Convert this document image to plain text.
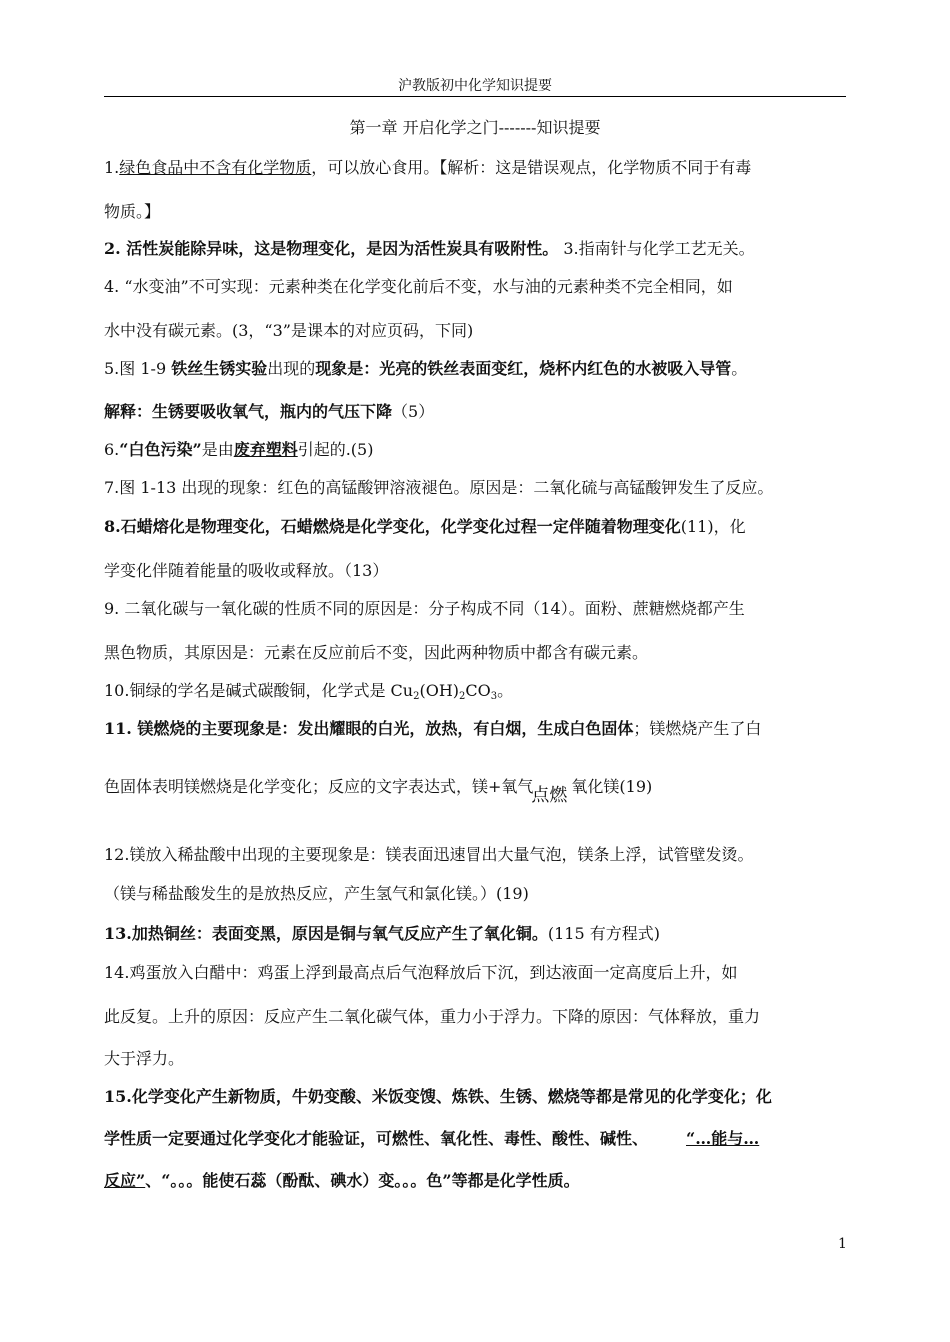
沪教版初中化学知识提要
第一章 开启化学之门-------知识提要
1.绿色食品中不含有化学物质，可以放心食用。【解析：这是错误观点，化学物质不同于有毒
物质。】
2. 活性炭能除异味，这是物理变化，是因为活性炭具有吸附性。 3.指南针与化学工艺无关。
4. “水变油”不可实现：元素种类在化学变化前后不变，水与油的元素种类不完全相同，如
水中没有碳元素。(3，“3”是课本的对应页码，下同)
5.图 1-9 铁丝生锈实验出现的现象是：光亮的铁丝表面变红，烧杯内红色的水被吸入导管。
解释：生锈要吸收氧气，瓶内的气压下降（5）
6.“白色污染”是由废弃塑料引起的.(5)
7.图 1-13 出现的现象：红色的高锰酸钾溶液褪色。原因是：二氧化硫与高锰酸钾发生了反应。
8.石蜡熔化是物理变化，石蜡燃烧是化学变化，化学变化过程一定伴随着物理变化(11)，化
学变化伴随着能量的吸收或释放。（13）
9. 二氧化碳与一氧化碳的性质不同的原因是：分子构成不同（14）。面粉、蔗糖燃烧都产生
黑色物质，其原因是：元素在反应前后不变，因此两种物质中都含有碳元素。
10.铜绿的学名是碱式碳酸铜，化学式是 $Cu_2(OH)_2CO_3$。
11. 镁燃烧的主要现象是：发出耀眼的白光，放热，有白烟，生成白色固体；镁燃烧产生了白
色固体表明镁燃烧是化学变化；反应的文字表达式，镁+氧气点燃 氧化镁(19)
12.镁放入稀盐酸中出现的主要现象是：镁表面迅速冒出大量气泡，镁条上浮，试管壁发烫。
（镁与稀盐酸发生的是放热反应，产生氢气和氯化镁。）(19)
13.加热铜丝：表面变黑，原因是铜与氧气反应产生了氧化铜。(115 有方程式)
14.鸡蛋放入白醋中：鸡蛋上浮到最高点后气泡释放后下沉，到达液面一定高度后上升，如
此反复。上升的原因：反应产生二氧化碳气体，重力小于浮力。下降的原因：气体释放，重力
大于浮力。
15.化学变化产生新物质，牛奶变酸、米饭变馊、炼铁、生锈、燃烧等都是常见的化学变化；化
学性质一定要通过化学变化才能验证，可燃性、氧化性、毒性、酸性、碱性、 “…能与…
反应”、“。。。能使石蕊（酚酞、碘水）变。。。色”等都是化学性质。
1
